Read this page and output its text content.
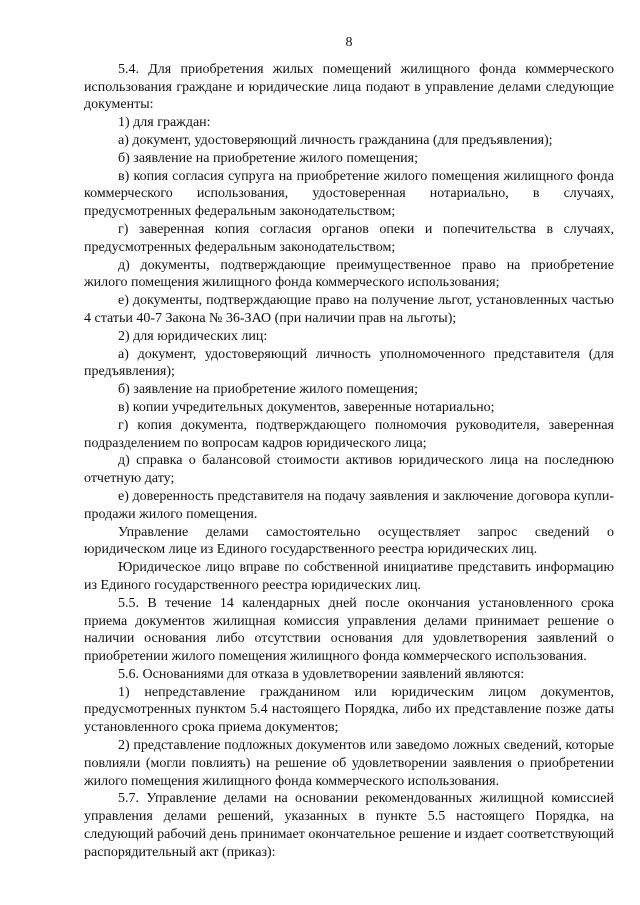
8

5.4. Для приобретения жилых помещений жилищного фонда коммерческого использования граждане и юридические лица подают в управление делами следующие документы:

1) для граждан:

а) документ, удостоверяющий личность гражданина (для предъявления);

б) заявление на приобретение жилого помещения;

в) копия согласия супруга на приобретение жилого помещения жилищного фонда коммерческого использования, удостоверенная нотариально, в случаях, предусмотренных федеральным законодательством;

г) заверенная копия согласия органов опеки и попечительства в случаях, предусмотренных федеральным законодательством;

д) документы, подтверждающие преимущественное право на приобретение жилого помещения жилищного фонда коммерческого использования;

е) документы, подтверждающие право на получение льгот, установленных частью 4 статьи 40-7 Закона № 36-ЗАО (при наличии прав на льготы);

2) для юридических лиц:

а) документ, удостоверяющий личность уполномоченного представителя (для предъявления);

б) заявление на приобретение жилого помещения;

в) копии учредительных документов, заверенные нотариально;

г) копия документа, подтверждающего полномочия руководителя, заверенная подразделением по вопросам кадров юридического лица;

д) справка о балансовой стоимости активов юридического лица на последнюю отчетную дату;

е) доверенность представителя на подачу заявления и заключение договора купли-продажи жилого помещения.

Управление делами самостоятельно осуществляет запрос сведений о юридическом лице из Единого государственного реестра юридических лиц.

Юридическое лицо вправе по собственной инициативе представить информацию из Единого государственного реестра юридических лиц.

5.5. В течение 14 календарных дней после окончания установленного срока приема документов жилищная комиссия управления делами принимает решение о наличии основания либо отсутствии основания для удовлетворения заявлений о приобретении жилого помещения жилищного фонда коммерческого использования.

5.6. Основаниями для отказа в удовлетворении заявлений являются:

1) непредставление гражданином или юридическим лицом документов, предусмотренных пунктом 5.4 настоящего Порядка, либо их представление позже даты установленного срока приема документов;

2) представление подложных документов или заведомо ложных сведений, которые повлияли (могли повлиять) на решение об удовлетворении заявления о приобретении жилого помещения жилищного фонда коммерческого использования.

5.7. Управление делами на основании рекомендованных жилищной комиссией управления делами решений, указанных в пункте 5.5 настоящего Порядка, на следующий рабочий день принимает окончательное решение и издает соответствующий распорядительный акт (приказ):
